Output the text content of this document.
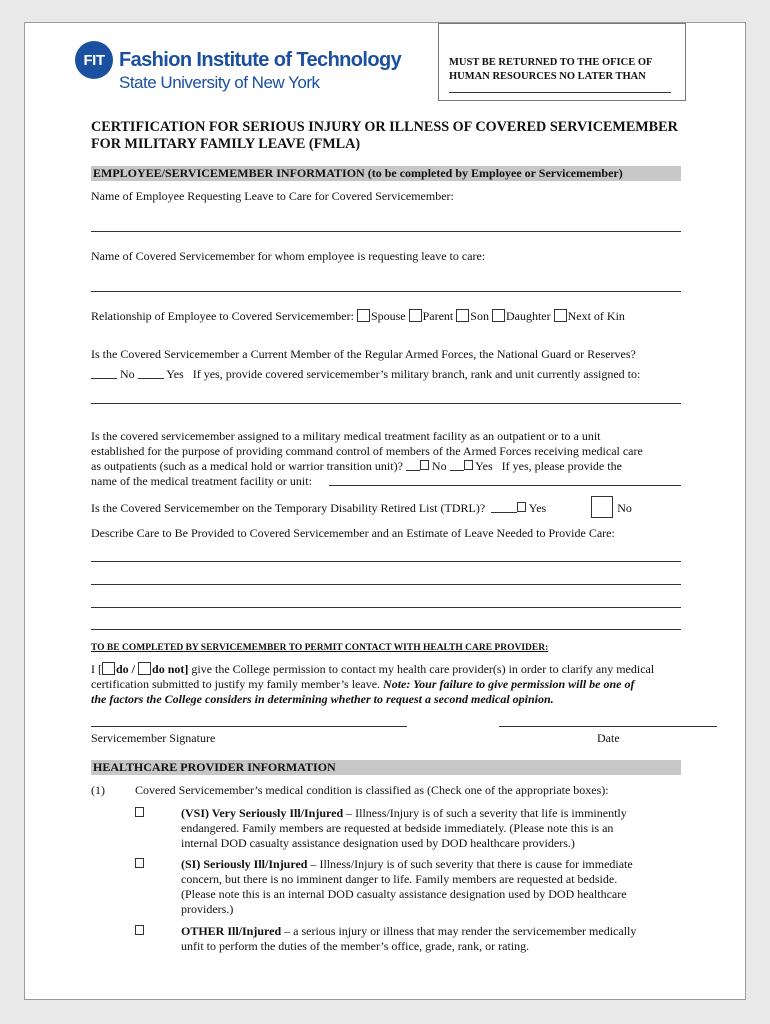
FIT Fashion Institute of Technology
State University of New York
MUST BE RETURNED TO THE OFICE OF
HUMAN RESOURCES NO LATER THAN
CERTIFICATION FOR SERIOUS INJURY OR ILLNESS OF COVERED SERVICEMEMBER
FOR MILITARY FAMILY LEAVE (FMLA)
EMPLOYEE/SERVICEMEMBER INFORMATION (to be completed by Employee or Servicemember)
Name of Employee Requesting Leave to Care for Covered Servicemember:
Name of Covered Servicemember for whom employee is requesting leave to care:
Relationship of Employee to Covered Servicemember: Spouse Parent Son Daughter Next of Kin
Is the Covered Servicemember a Current Member of the Regular Armed Forces, the National Guard or Reserves?
No	Yes If yes, provide covered servicemember’s military branch, rank and unit currently assigned to:
Is the covered servicemember assigned to a military medical treatment facility as an outpatient or to a unit
established for the purpose of providing command control of members of the Armed Forces receiving medical care
as outpatients (such as a medical hold or warrior transition unit)? No Yes If yes, please provide the
name of the medical treatment facility or unit:
Is the Covered Servicemember on the Temporary Disability Retired List (TDRL)?	Yes	No
Describe Care to Be Provided to Covered Servicemember and an Estimate of Leave Needed to Provide Care:
TO BE COMPLETED BY SERVICEMEMBER TO PERMIT CONTACT WITH HEALTH CARE PROVIDER:
I [ do / do not] give the College permission to contact my health care provider(s) in order to clarify any medical
certification submitted to justify my family member’s leave. Note: Your failure to give permission will be one of
the factors the College considers in determining whether to request a second medical opinion.
Servicemember Signature	Date
HEALTHCARE PROVIDER INFORMATION
(1)	Covered Servicemember’s medical condition is classified as (Check one of the appropriate boxes):
(VSI) Very Seriously Ill/Injured – Illness/Injury is of such a severity that life is imminently
endangered. Family members are requested at bedside immediately. (Please note this is an
internal DOD casualty assistance designation used by DOD healthcare providers.)
(SI) Seriously Ill/Injured – Illness/Injury is of such severity that there is cause for immediate
concern, but there is no imminent danger to life. Family members are requested at bedside.
(Please note this is an internal DOD casualty assistance designation used by DOD healthcare
providers.)
OTHER Ill/Injured – a serious injury or illness that may render the servicemember medically
unfit to perform the duties of the member’s office, grade, rank, or rating.
